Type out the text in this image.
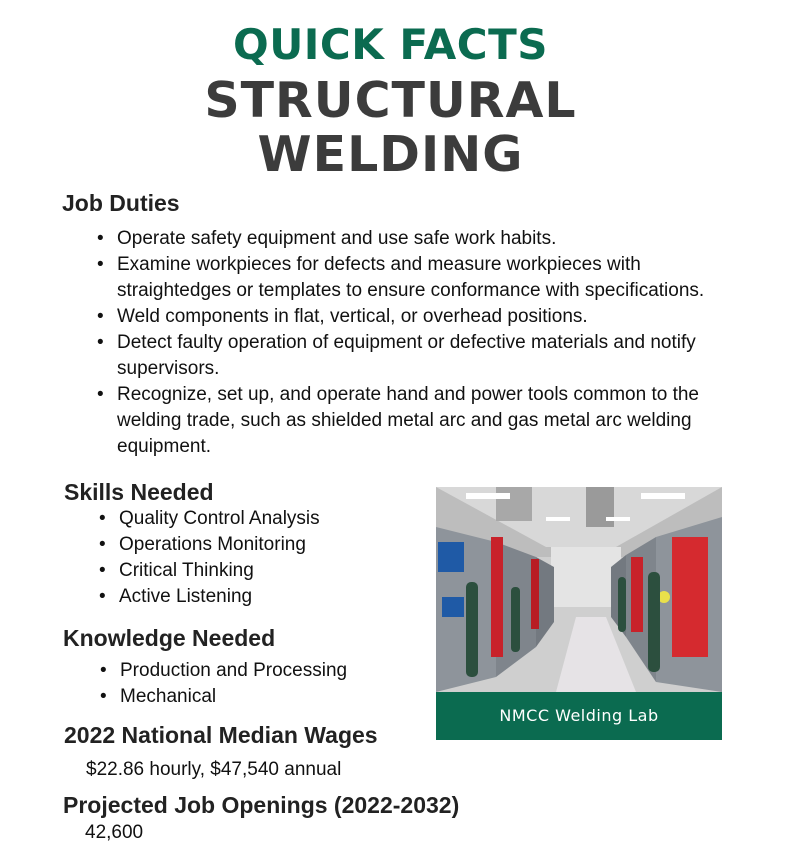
QUICK FACTS
STRUCTURAL
WELDING
Job Duties
• Operate safety equipment and use safe work habits.
• Examine workpieces for defects and measure workpieces with straightedges or templates to ensure conformance with specifications.
• Weld components in flat, vertical, or overhead positions.
• Detect faulty operation of equipment or defective materials and notify supervisors.
• Recognize, set up, and operate hand and power tools common to the welding trade, such as shielded metal arc and gas metal arc welding equipment.
Skills Needed
• Quality Control Analysis
• Operations Monitoring
• Critical Thinking
• Active Listening
Knowledge Needed
• Production and Processing
• Mechanical
2022 National Median Wages

$22.86 hourly, $47,540 annual

Projected Job Openings (2022-2032)

42,600

NMCC Welding Lab
